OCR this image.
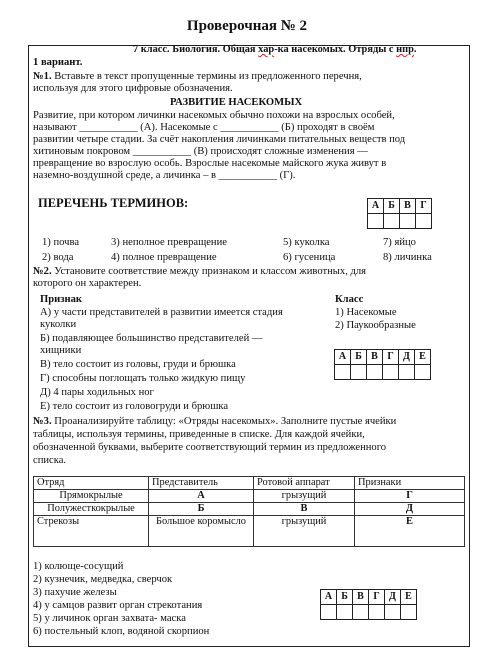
Проверочная № 2
7 класс. Биология. Общая хар-ка насекомых. Отряды с нпр.
1 вариант.
№1. Вставьте в текст пропущенные термины из предложенного перечня,
используя для этого цифровые обозначения.
РАЗВИТИЕ НАСЕКОМЫХ
Развитие, при котором личинки насекомых обычно похожи на взрослых особей,
называют ___________ (А). Насекомые с ___________ (Б) проходят в своём
развитии четыре стадии. За счёт накопления личинками питательных веществ под
хитиновым покровом ___________ (В) происходят сложные изменения —
превращение во взрослую особь. Взрослые насекомые майского жука живут в
наземно-воздушной среде, а личинка – в ___________ (Г).
ПЕРЕЧЕНЬ ТЕРМИНОВ:	А	Б	В	Г

1) почва	3) неполное превращение	5) куколка	7) яйцо
2) вода	4) полное превращение	6) гусеница	8) личинка
№2. Установите соответствие между признаком и классом животных, для
которого он характерен.
Признак	Класс
А) у части представителей в развитии имеется стадия
куколки
Б) подавляющее большинство представителей —
хищники
В) тело состоит из головы, груди и брюшка
Г) способны поглощать только жидкую пищу
Д) 4 пары ходильных ног
Е) тело состоит из головогруди и брюшка
1) Насекомые
2) Паукообразные
А	Б	В	Г	Д	Е

№3. Проанализируйте таблицу: «Отряды насекомых». Заполните пустые ячейки
таблицы, используя термины, приведенные в списке. Для каждой ячейки,
обозначенной буквами, выберите соответствующий термин из предложенного
списка.
Отряд	Представитель	Ротовой аппарат	Признаки
Прямокрылые	А	грызущий	Г
Полужесткокрылые	Б	В	Д
Стрекозы	Большое коромысло	грызущий	Е
1) колюще-сосущий
2) кузнечик, медведка, сверчок
3) пахучие железы
4) у самцов развит орган стрекотания
5) у личинок орган захвата- маска
6) постельный клоп, водяной скорпион
А	Б	В	Г	Д	Е
